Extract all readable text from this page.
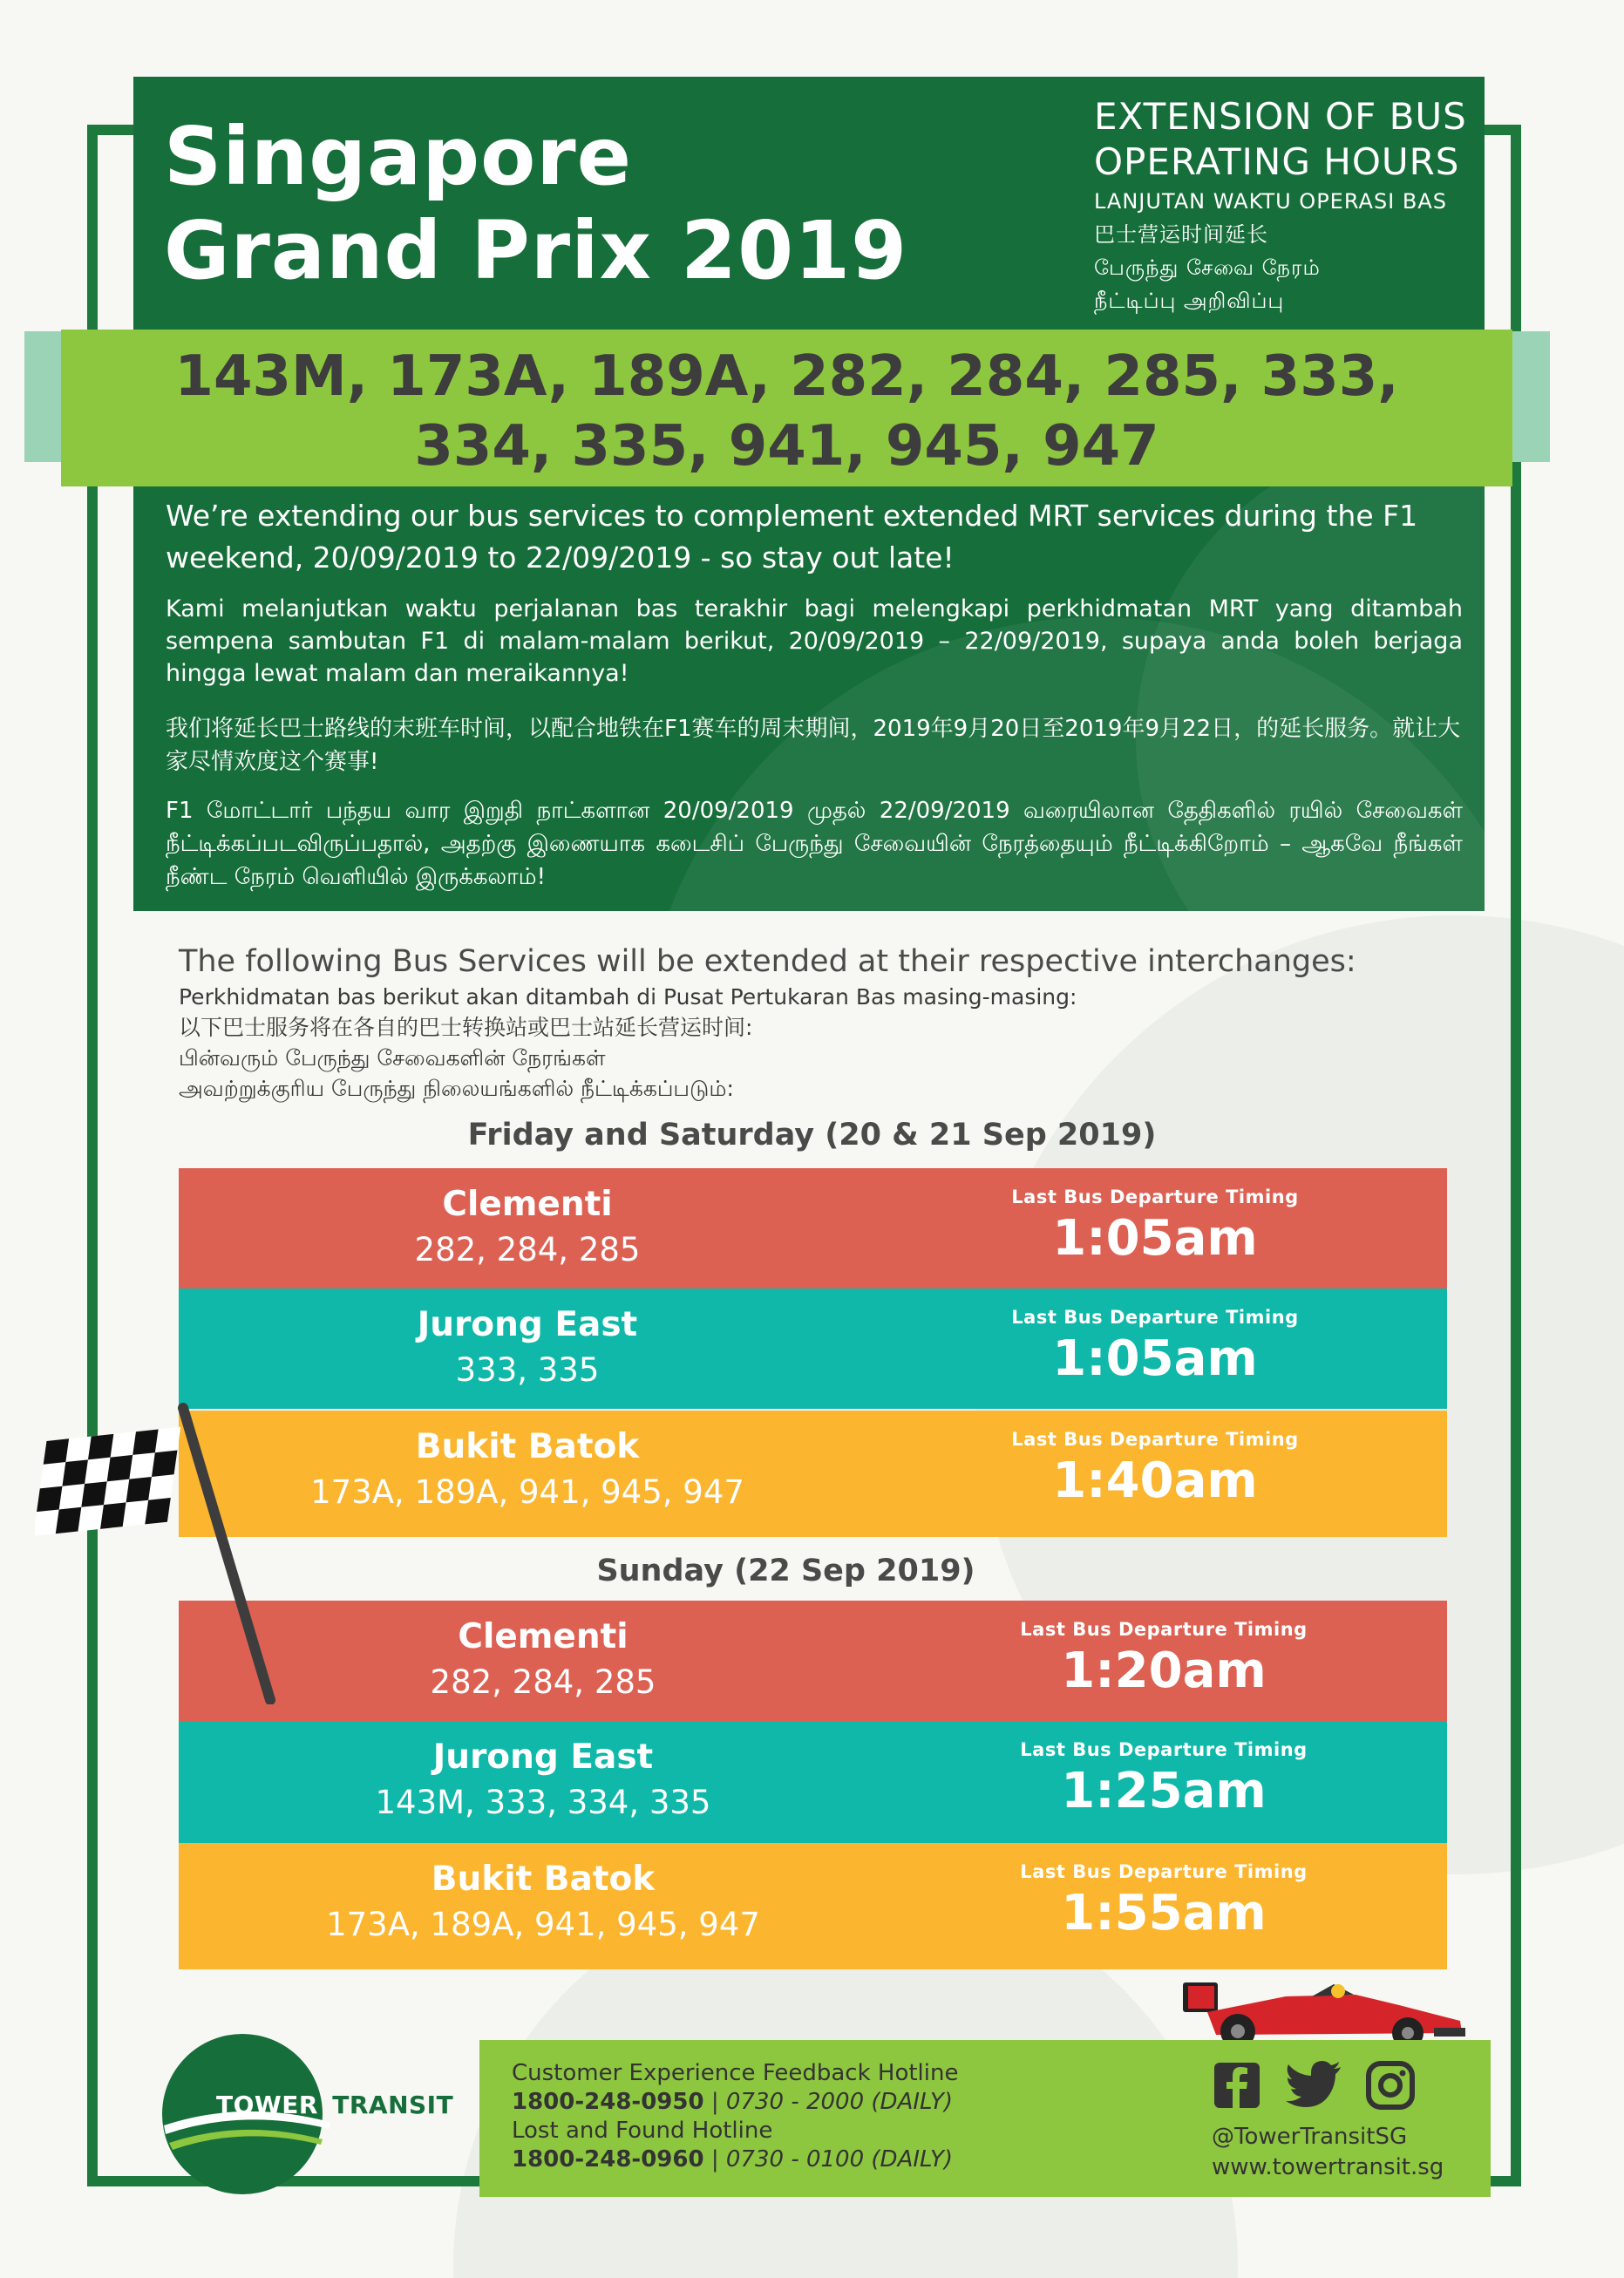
Singapore
Grand Prix 2019
EXTENSION OF BUS
OPERATING HOURS
LANJUTAN WAKTU OPERASI BAS
巴士营运时间延长
பேருந்து சேவை நேரம்
நீட்டிப்பு அறிவிப்பு
143M, 173A, 189A, 282, 284, 285, 333,
334, 335, 941, 945, 947

We’re extending our bus services to complement extended MRT services during the F1 weekend, 20/09/2019 to 22/09/2019 - so stay out late!

Kami melanjutkan waktu perjalanan bas terakhir bagi melengkapi perkhidmatan MRT yang ditambah sempena sambutan F1 di malam-malam berikut, 20/09/2019 – 22/09/2019, supaya anda boleh berjaga hingga lewat malam dan meraikannya!

我们将延长巴士路线的末班车时间，以配合地铁在F1赛车的周末期间，2019年9月20日至2019年9月22日，的延长服务。就让大家尽情欢度这个赛事!

F1 மோட்டார் பந்தய வார இறுதி நாட்களான 20/09/2019 முதல் 22/09/2019 வரையிலான தேதிகளில் ரயில் சேவைகள் நீட்டிக்கப்படவிருப்பதால், அதற்கு இணையாக கடைசிப் பேருந்து சேவையின் நேரத்தையும் நீட்டிக்கிறோம் – ஆகவே நீங்கள் நீண்ட நேரம் வெளியில் இருக்கலாம்!

The following Bus Services will be extended at their respective interchanges:
Perkhidmatan bas berikut akan ditambah di Pusat Pertukaran Bas masing-masing:
以下巴士服务将在各自的巴士转换站或巴士站延长营运时间:
பின்வரும் பேருந்து சேவைகளின் நேரங்கள்
அவற்றுக்குரிய பேருந்து நிலையங்களில் நீட்டிக்கப்படும்:
Friday and Saturday (20 & 21 Sep 2019)
Clementi
282, 284, 285
Last Bus Departure Timing
1:05am
Jurong East
333, 335
Last Bus Departure Timing
1:05am
Bukit Batok
173A, 189A, 941, 945, 947
Last Bus Departure Timing
1:40am
Sunday (22 Sep 2019)
Clementi
282, 284, 285
Last Bus Departure Timing
1:20am
Jurong East
143M, 333, 334, 335
Last Bus Departure Timing
1:25am
Bukit Batok
173A, 189A, 941, 945, 947
Last Bus Departure Timing
1:55am
TOWER TRANSIT
Customer Experience Feedback Hotline
1800-248-0950 | 0730 - 2000 (DAILY)
Lost and Found Hotline
1800-248-0960 | 0730 - 0100 (DAILY)
@TowerTransitSG
www.towertransit.sg
